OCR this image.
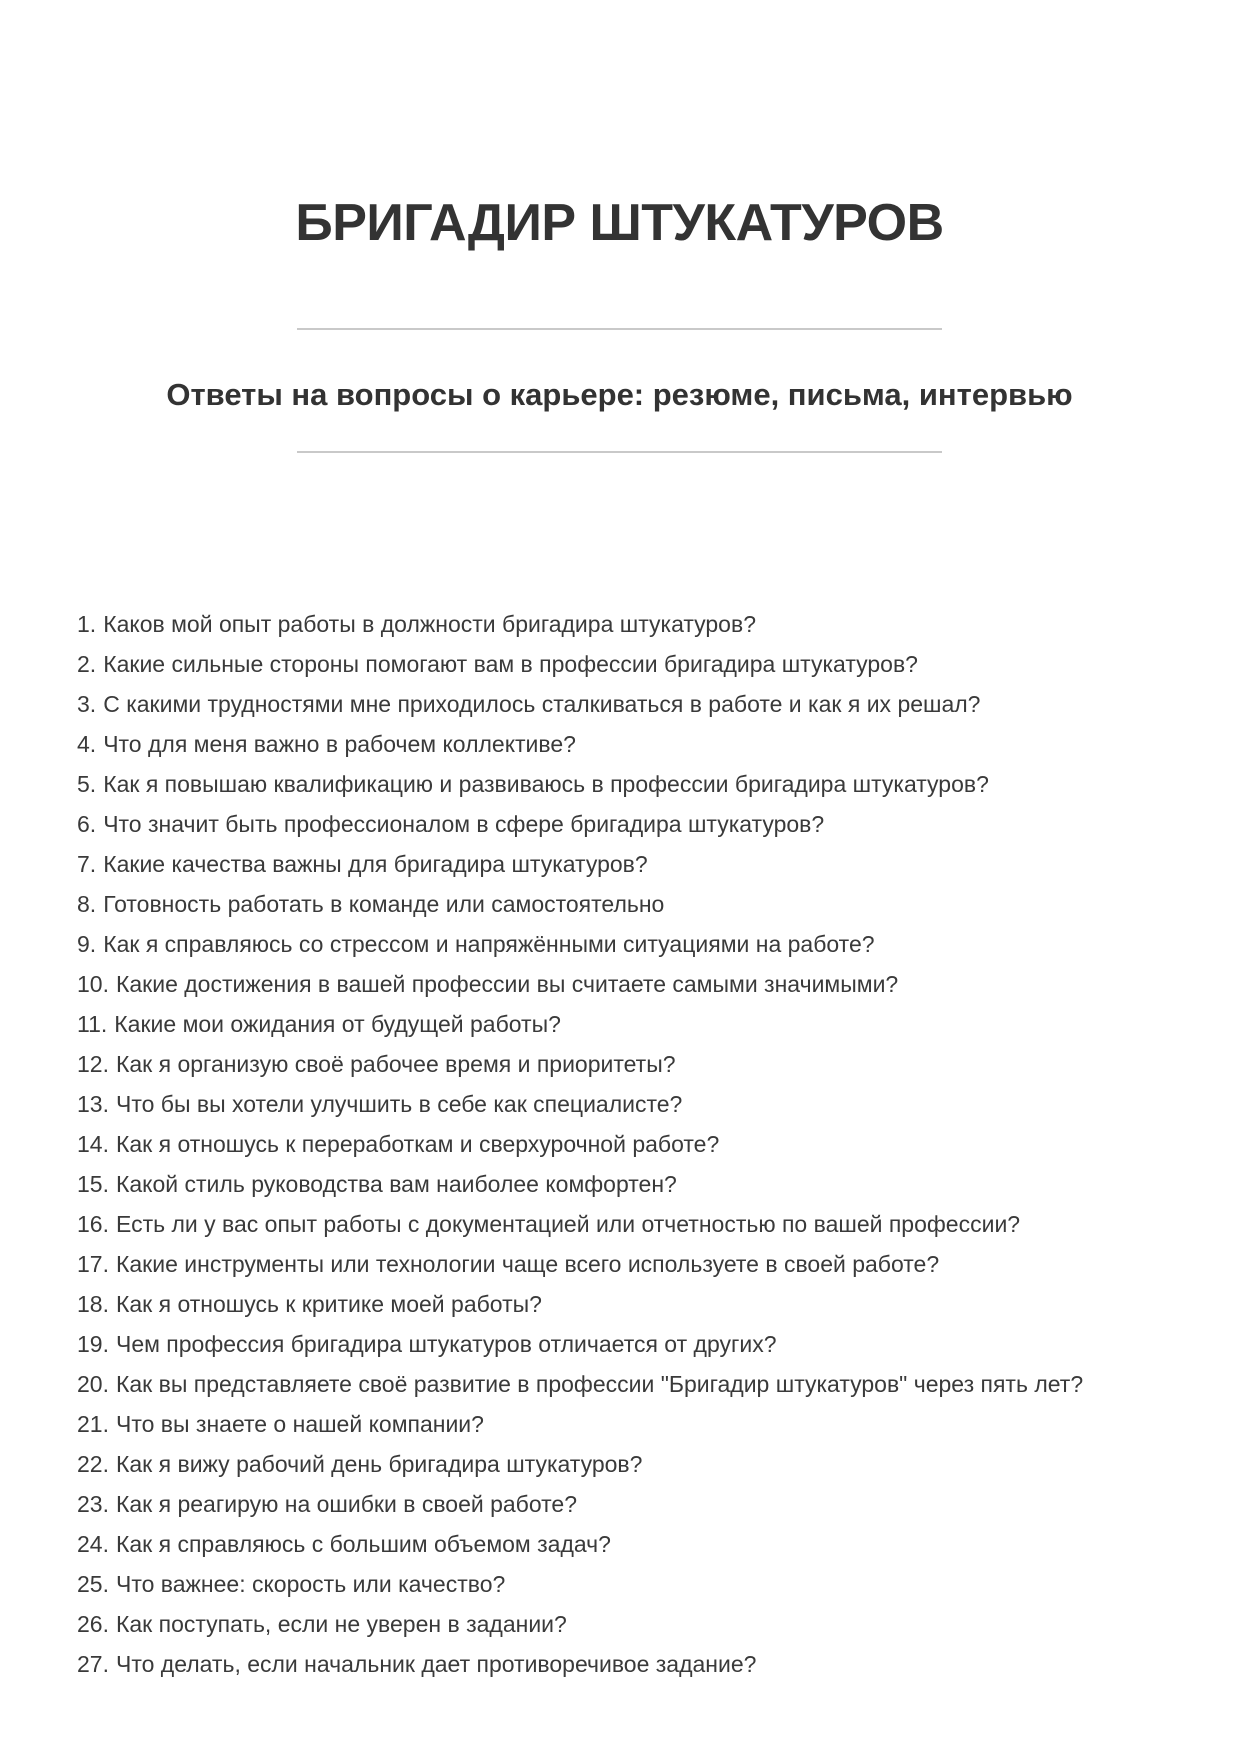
БРИГАДИР ШТУКАТУРОВ
Ответы на вопросы о карьере: резюме, письма, интервью
1. Каков мой опыт работы в должности бригадира штукатуров?
2. Какие сильные стороны помогают вам в профессии бригадира штукатуров?
3. С какими трудностями мне приходилось сталкиваться в работе и как я их решал?
4. Что для меня важно в рабочем коллективе?
5. Как я повышаю квалификацию и развиваюсь в профессии бригадира штукатуров?
6. Что значит быть профессионалом в сфере бригадира штукатуров?
7. Какие качества важны для бригадира штукатуров?
8. Готовность работать в команде или самостоятельно
9. Как я справляюсь со стрессом и напряжёнными ситуациями на работе?
10. Какие достижения в вашей профессии вы считаете самыми значимыми?
11. Какие мои ожидания от будущей работы?
12. Как я организую своё рабочее время и приоритеты?
13. Что бы вы хотели улучшить в себе как специалисте?
14. Как я отношусь к переработкам и сверхурочной работе?
15. Какой стиль руководства вам наиболее комфортен?
16. Есть ли у вас опыт работы с документацией или отчетностью по вашей профессии?
17. Какие инструменты или технологии чаще всего используете в своей работе?
18. Как я отношусь к критике моей работы?
19. Чем профессия бригадира штукатуров отличается от других?
20. Как вы представляете своё развитие в профессии "Бригадир штукатуров" через пять лет?
21. Что вы знаете о нашей компании?
22. Как я вижу рабочий день бригадира штукатуров?
23. Как я реагирую на ошибки в своей работе?
24. Как я справляюсь с большим объемом задач?
25. Что важнее: скорость или качество?
26. Как поступать, если не уверен в задании?
27. Что делать, если начальник дает противоречивое задание?
